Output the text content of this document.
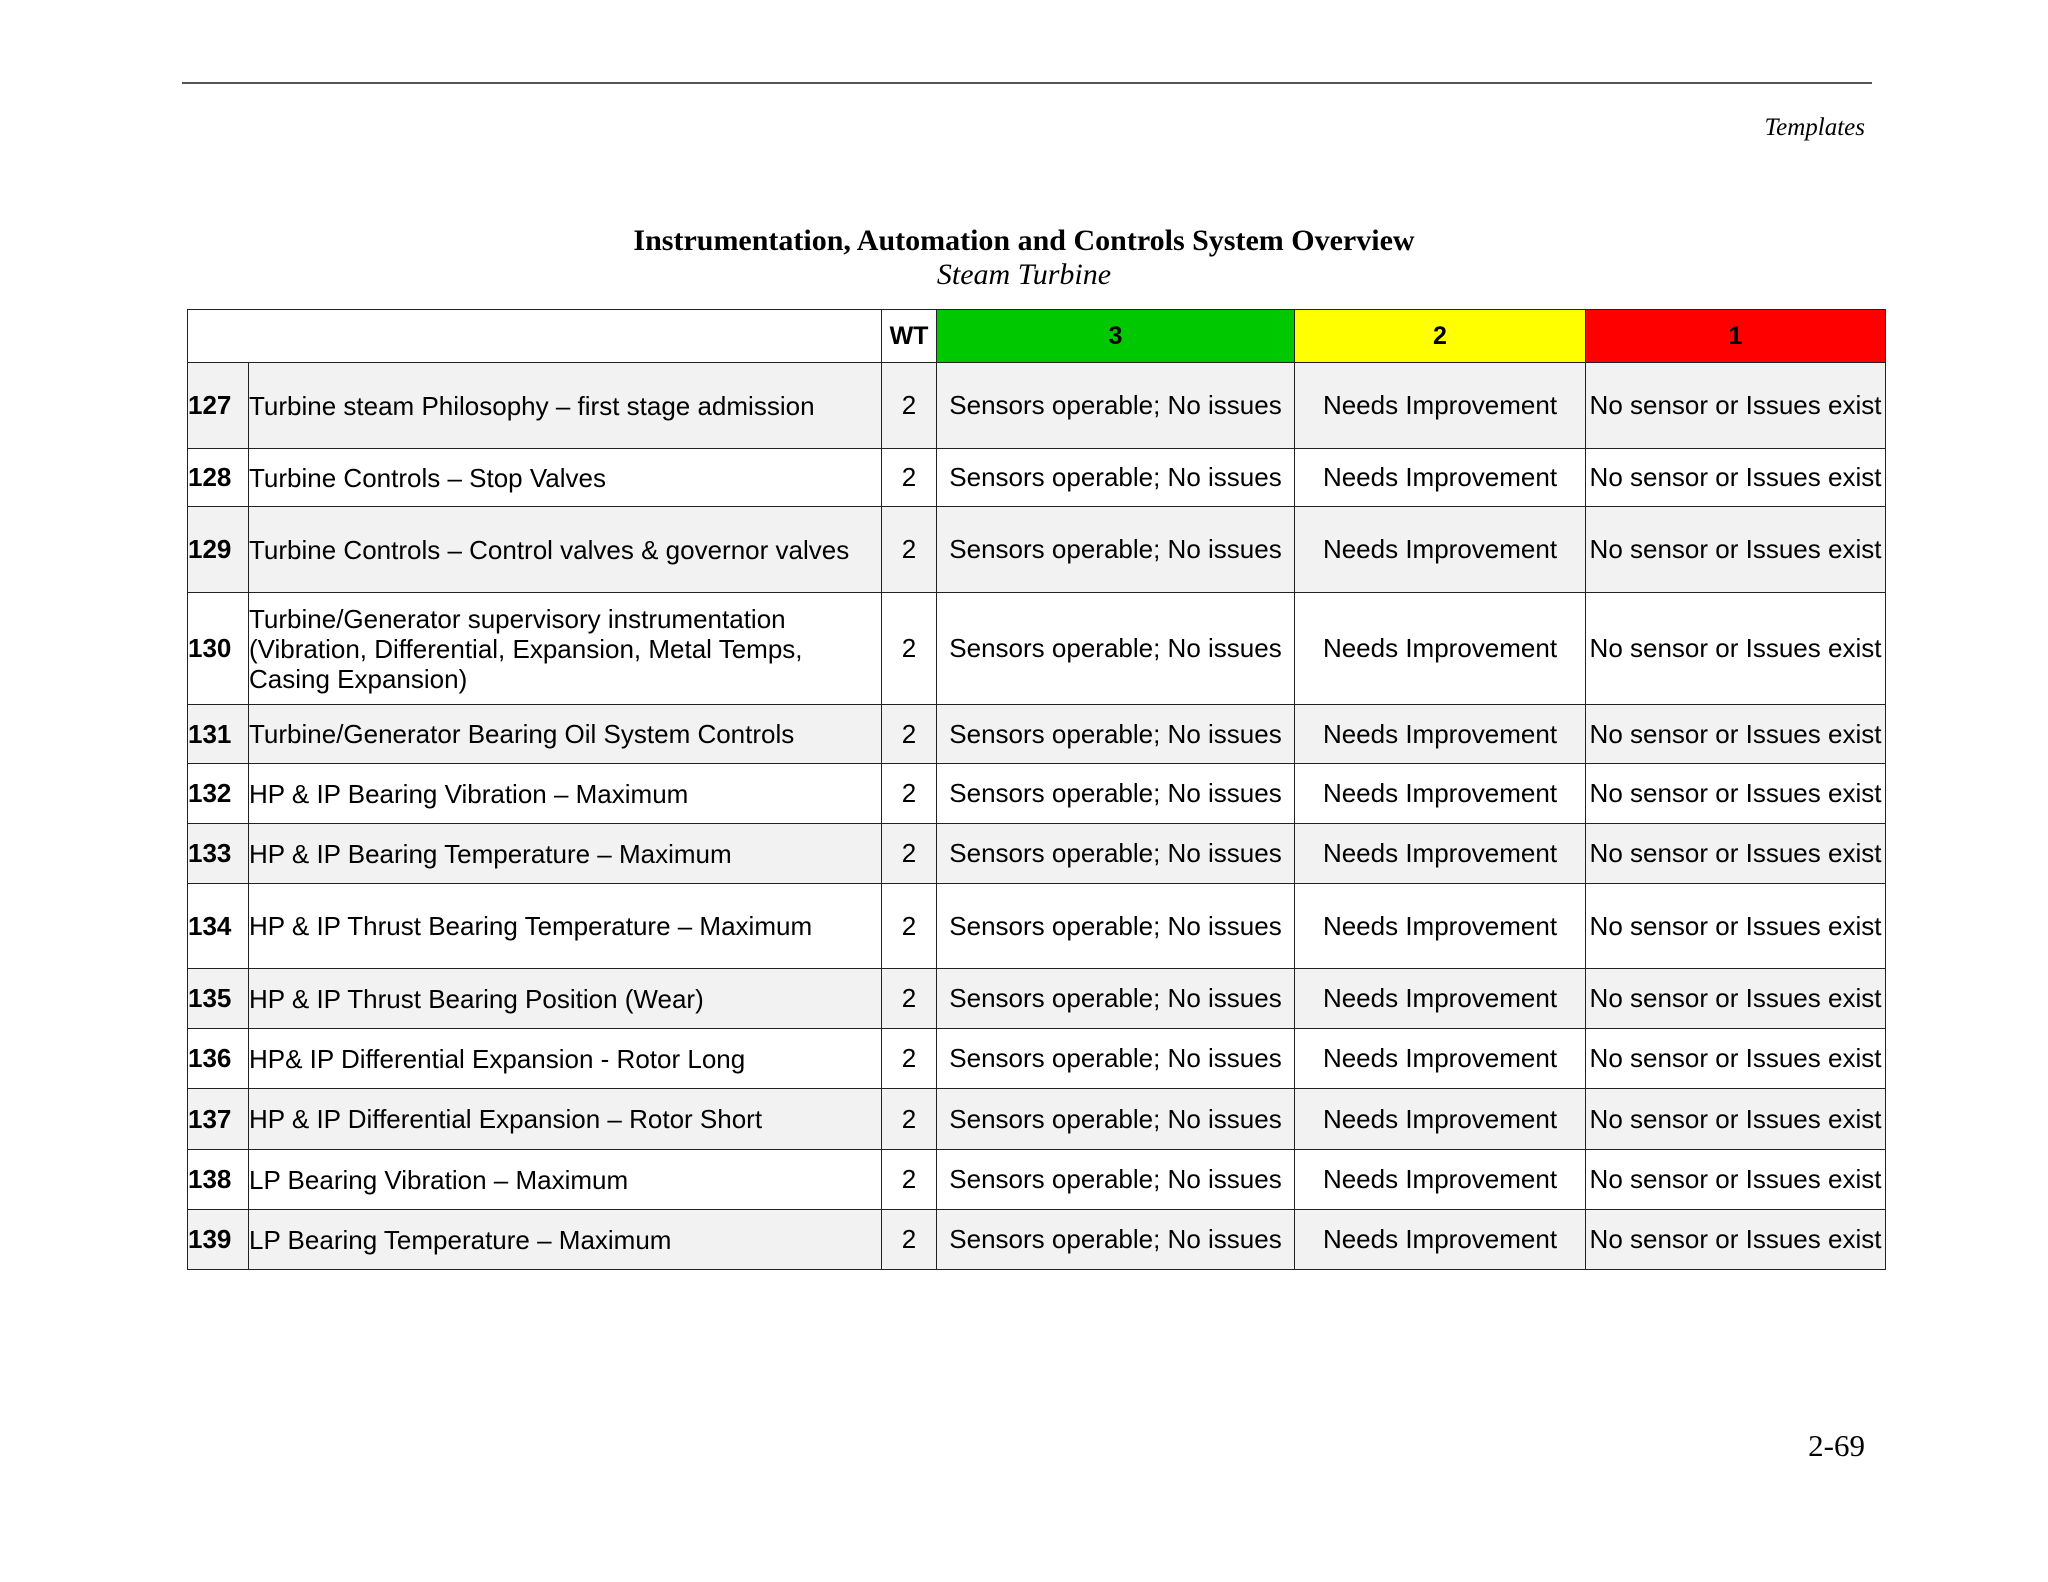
Templates
Instrumentation, Automation and Controls System Overview
Steam Turbine
		WT	3	2	1
127	Turbine steam Philosophy – first stage admission	2	Sensors operable; No issues	Needs Improvement	No sensor or Issues exist
128	Turbine Controls – Stop Valves	2	Sensors operable; No issues	Needs Improvement	No sensor or Issues exist
129	Turbine Controls – Control valves & governor valves	2	Sensors operable; No issues	Needs Improvement	No sensor or Issues exist
130	Turbine/Generator supervisory instrumentation (Vibration, Differential, Expansion, Metal Temps, Casing Expansion)	2	Sensors operable; No issues	Needs Improvement	No sensor or Issues exist
131	Turbine/Generator Bearing Oil System Controls	2	Sensors operable; No issues	Needs Improvement	No sensor or Issues exist
132	HP & IP Bearing Vibration – Maximum	2	Sensors operable; No issues	Needs Improvement	No sensor or Issues exist
133	HP & IP Bearing Temperature – Maximum	2	Sensors operable; No issues	Needs Improvement	No sensor or Issues exist
134	HP & IP Thrust Bearing Temperature – Maximum	2	Sensors operable; No issues	Needs Improvement	No sensor or Issues exist
135	HP & IP Thrust Bearing Position (Wear)	2	Sensors operable; No issues	Needs Improvement	No sensor or Issues exist
136	HP& IP Differential Expansion - Rotor Long	2	Sensors operable; No issues	Needs Improvement	No sensor or Issues exist
137	HP & IP Differential Expansion – Rotor Short	2	Sensors operable; No issues	Needs Improvement	No sensor or Issues exist
138	LP Bearing Vibration – Maximum	2	Sensors operable; No issues	Needs Improvement	No sensor or Issues exist
139	LP Bearing Temperature – Maximum	2	Sensors operable; No issues	Needs Improvement	No sensor or Issues exist
2-69
